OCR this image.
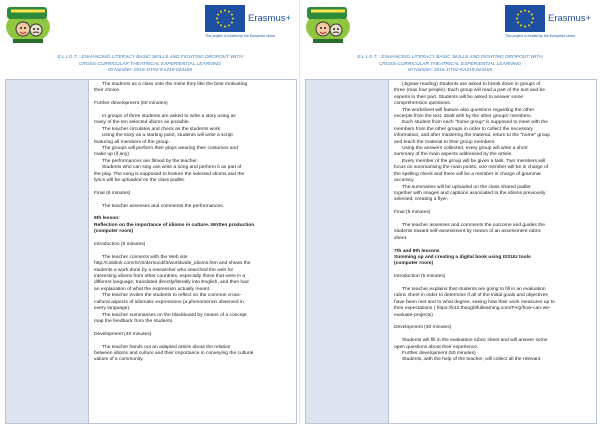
Erasmus+
This project is funded by the European Union
E.L.I.O.T. : ENHANCING LITERACY BASIC SKILLS AND FIGHTING DROPOUT WITH
CROSS-CURRICULAR THEATRICAL EXPERIENTIAL LEARNING
ID Number: 2016-1IT02-KA219-024165

The students as a class vote the mime they like the best motivating

their choice.

Further development (60 minutes)

In groups of three students are asked to write a story using as

many of the ten selected idioms as possible.

The teacher circulates and check as the students work.

Using the story as a starting point, students will write a script

featuring all members of the group.

The groups will perform their plays wearing their costumes and

make up (if any)

The performances are filmed by the teacher.

Students who can sing can write a song and perform it as part of

the play. The song is supposed to feature the selected idioms and the

lyrics will be uploaded on the class padlet.

Final (8 minutes)

The teacher assesses and comments the performances.

6th lesson:

Reflection on the importance of idioms in culture. Written production

(computer room)

Introduction (5 minutes)

The teacher connects with the Web site

http://cobilink.com/SAS/democd/l3/worldwide_idioms.htm and shows the

students a work done by a researcher who searched the web for

interesting idioms from other countries, especially those that were in a

different language, translated directly/literally into English, and then had

an explanation of what the expression actually meant.

The teacher invites the students to reflect on the common cross-

cultural aspects of idiomatic expressions (a phenomenon observed in

every language).

The teacher summarises on the blackboard by means of a concept

map the feedback from the students.

Development (40 minutes)

The teacher hands out an adapted article about the relation

between idioms and culture and their importance in conveying the cultural

values of a community.

Erasmus+
This project is funded by the European Union
E.L.I.O.T. : ENHANCING LITERACY BASIC SKILLS AND FIGHTING DROPOUT WITH
CROSS-CURRICULAR THEATRICAL EXPERIENTIAL LEARNING
ID Number: 2016-1IT02-KA219-024165

(Jigsaw reading) Students are asked to break down in groups of

three (max four people). Each group will read a part of the text and be

experts in their part. Students will be asked to answer some

comprehension questions.

The worksheet will feature also questions regarding the other

excerpts from the text, dealt with by the other groups' members.

Each student from each "home group" is supposed to meet with the

members from the other groups in order to collect the necessary

information, and after mastering the material, return to the "home" group

and teach the material to their group members.

Using the answers collected, every group will write a short

summary of the main aspects addressed by the article.

Every member of the group will be given a task. Two members will

focus on summarising the main points, one member will be in charge of

the spelling check and there will be a member in charge of grammar

accuracy.

The summaries will be uploaded on the class shared padlet

together with images and captions associated to the idioms previously

selected, creating a flyer.

Final (5 minutes)

The teacher assesses and comments the outcome and guides the

students toward self-assessment by means of an assessment rubric

sheet.

7th and 8th lessons

Summing up and creating a digital book using ISSUU tools

(computer room)

Introduction (5 minutes)

The teacher explains that students are going to fill in an evaluation

rubric sheet in order to determine if all of the initial goals and objectives

have been met and to what degree, seeing how their work measures up to

their expectations ( https://k12.thoughtfullearning.com/FAQ/how-can-we-

evaluate-projects)

Development (30 minutes)

Students will fill in the evaluation rubric sheet and will answer some

open questions about their experience.

Further development (50 minutes)

Students, with the help of the teacher, will collect all the relevant
